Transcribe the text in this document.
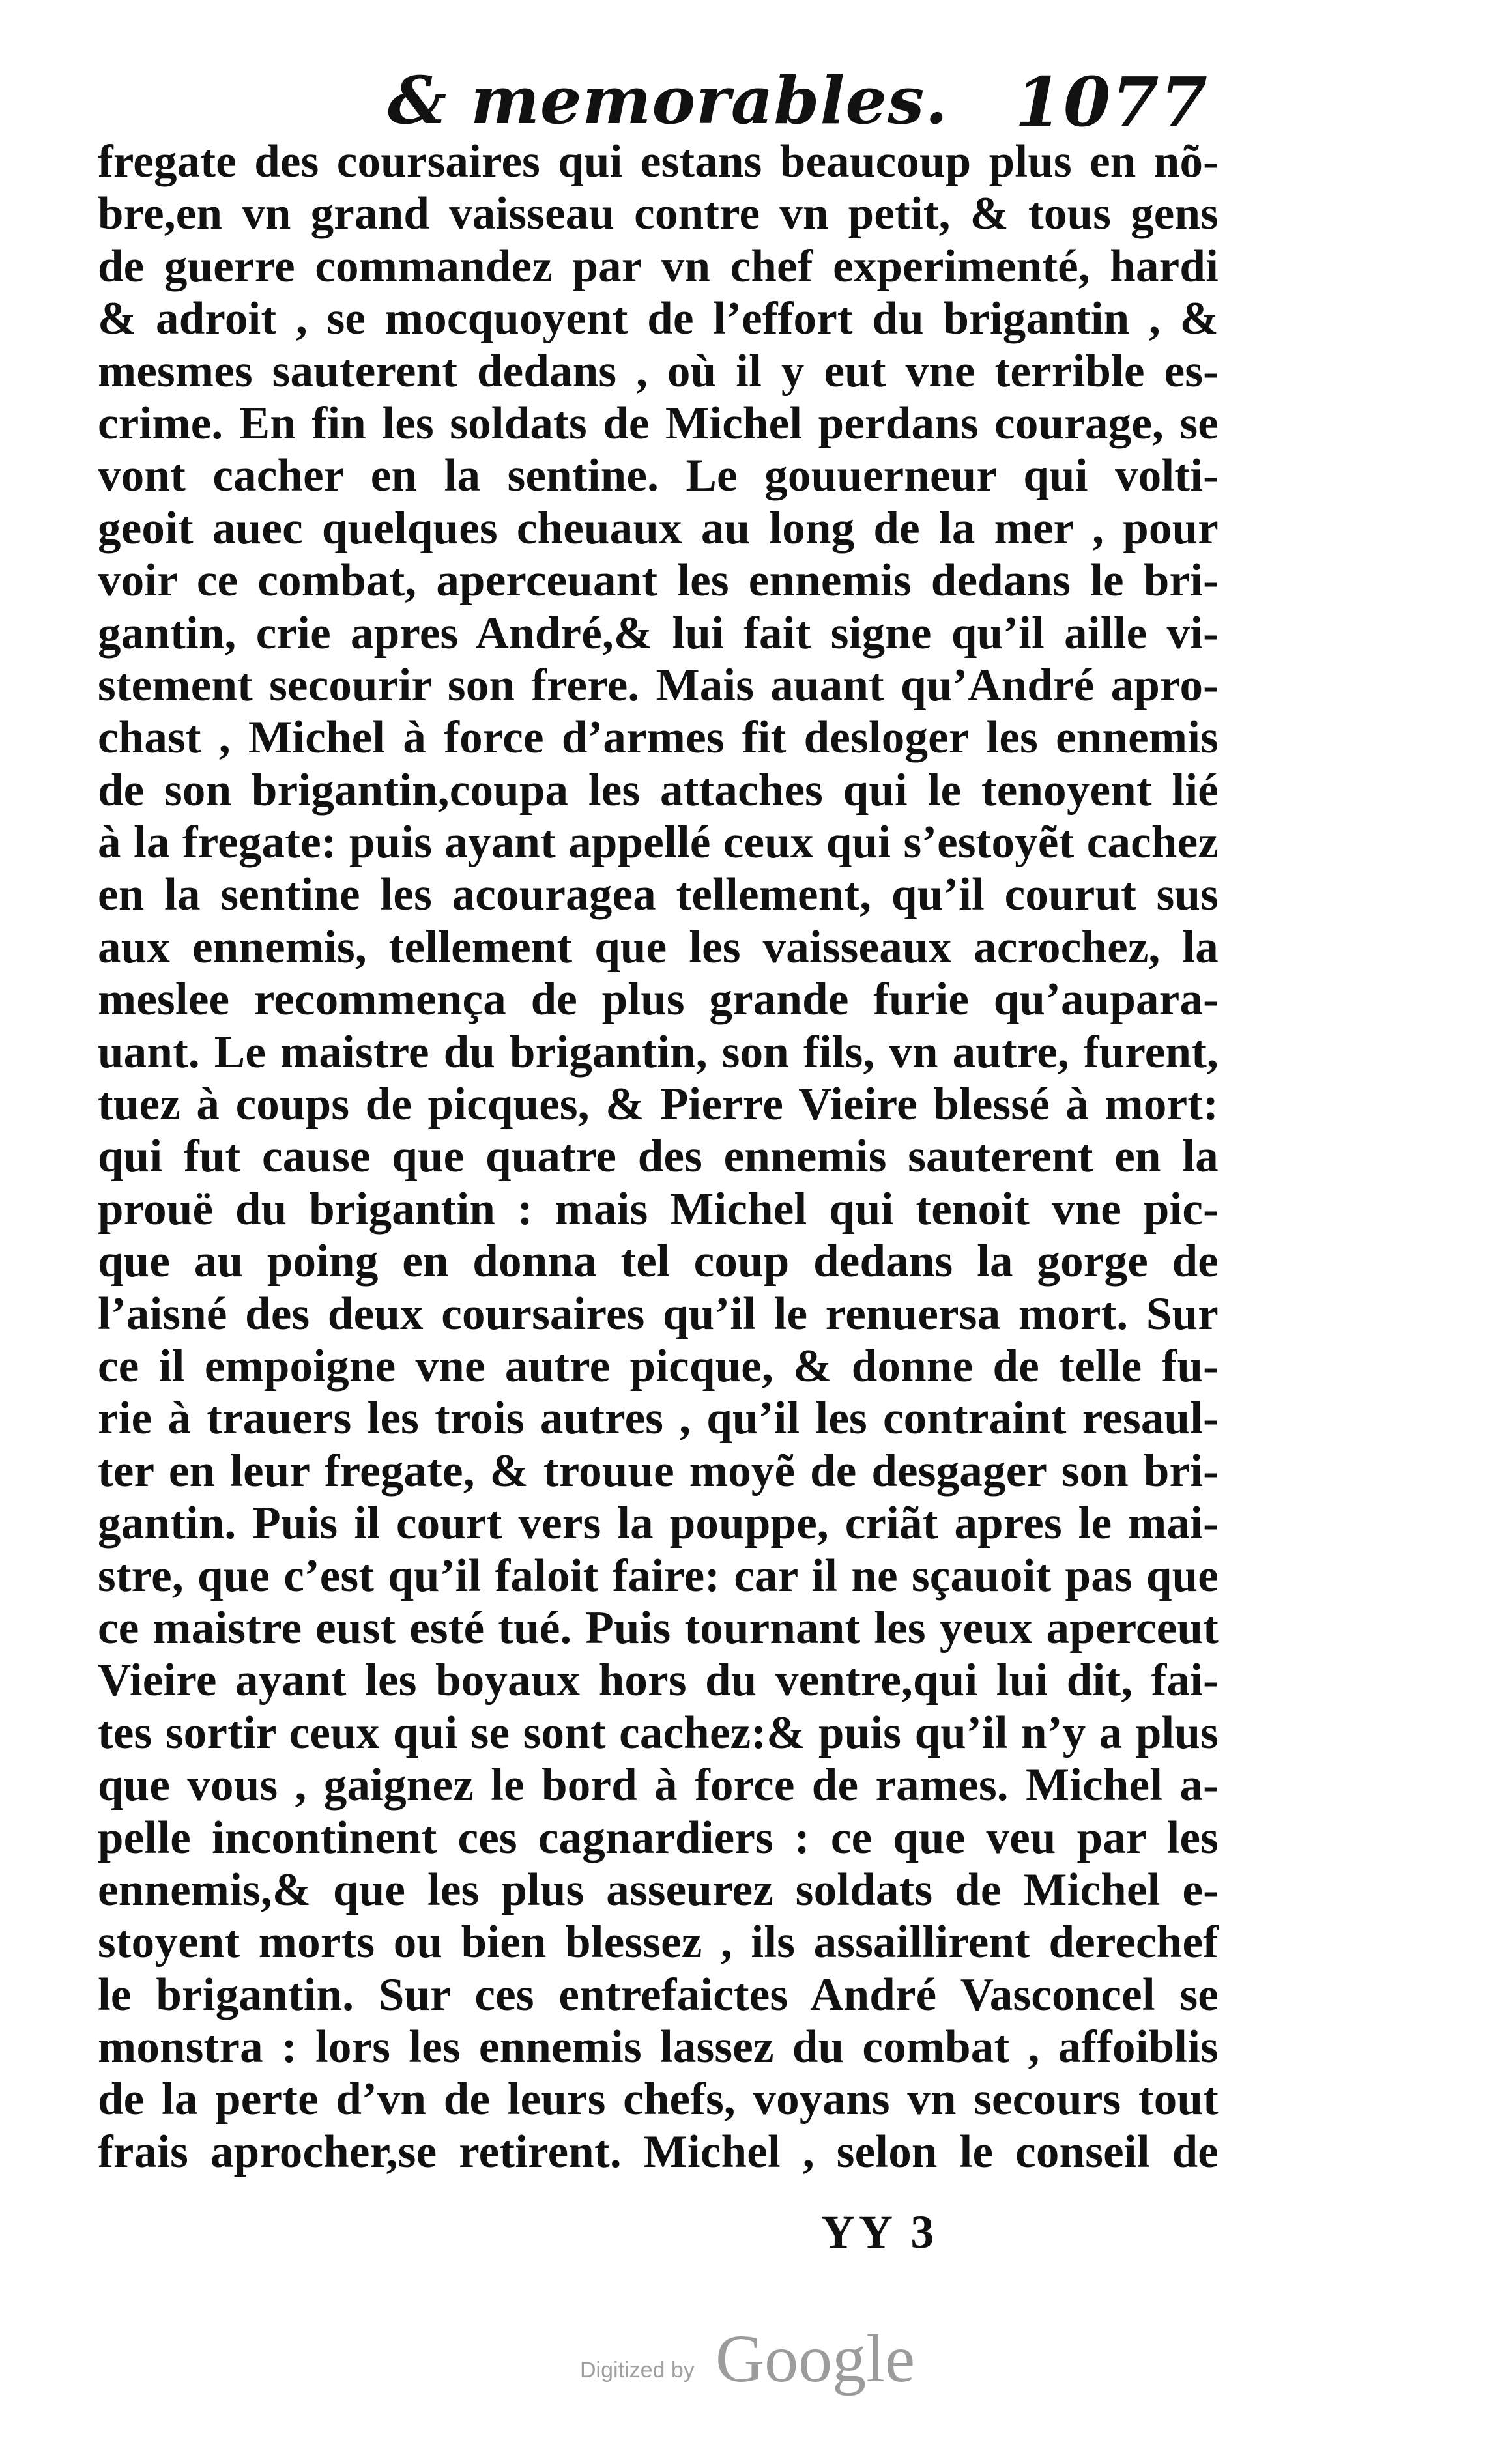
& memorables. 1077
fregate des coursaires qui estans beaucoup plus en nõ-
bre,en vn grand vaisseau contre vn petit, & tous gens
de guerre commandez par vn chef experimenté, hardi
& adroit , se mocquoyent de l’effort du brigantin , &
mesmes sauterent dedans , où il y eut vne terrible es-
crime. En fin les soldats de Michel perdans courage, se
vont cacher en la sentine. Le gouuerneur qui volti-
geoit auec quelques cheuaux au long de la mer , pour
voir ce combat, aperceuant les ennemis dedans le bri-
gantin, crie apres André,& lui fait signe qu’il aille vi-
stement secourir son frere. Mais auant qu’André apro-
chast , Michel à force d’armes fit desloger les ennemis
de son brigantin,coupa les attaches qui le tenoyent lié
à la fregate: puis ayant appellé ceux qui s’estoyẽt cachez
en la sentine les acouragea tellement, qu’il courut sus
aux ennemis, tellement que les vaisseaux acrochez, la
meslee recommença de plus grande furie qu’aupara-
uant. Le maistre du brigantin, son fils, vn autre, furent,
tuez à coups de picques, & Pierre Vieire blessé à mort:
qui fut cause que quatre des ennemis sauterent en la
prouë du brigantin : mais Michel qui tenoit vne pic-
que au poing en donna tel coup dedans la gorge de
l’aisné des deux coursaires qu’il le renuersa mort. Sur
ce il empoigne vne autre picque, & donne de telle fu-
rie à trauers les trois autres , qu’il les contraint resaul-
ter en leur fregate, & trouue moyẽ de desgager son bri-
gantin. Puis il court vers la pouppe, criãt apres le mai-
stre, que c’est qu’il faloit faire: car il ne sçauoit pas que
ce maistre eust esté tué. Puis tournant les yeux aperceut
Vieire ayant les boyaux hors du ventre,qui lui dit, fai-
tes sortir ceux qui se sont cachez:& puis qu’il n’y a plus
que vous , gaignez le bord à force de rames. Michel a-
pelle incontinent ces cagnardiers : ce que veu par les
ennemis,& que les plus asseurez soldats de Michel e-
stoyent morts ou bien blessez , ils assaillirent derechef
le brigantin. Sur ces entrefaictes André Vasconcel se
monstra : lors les ennemis lassez du combat , affoiblis
de la perte d’vn de leurs chefs, voyans vn secours tout
frais aprocher,se retirent. Michel , selon le conseil de
YY 3
Digitized by Google
